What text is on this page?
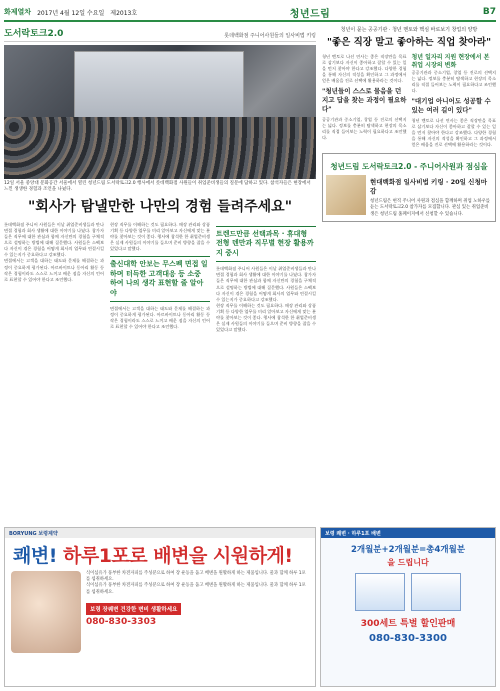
화제열차 2017년 4월 12일 수요일 제2013호	청년드림	B7
도서락토크2.0	롯데백화점 주니어사원들의 일사비법 키링
12일 서울 중앙대 문화공간 서울에서 열린 청년드림 도서락토크2.0 행사에서 롯데백화점 사원들이 취업준비생들의 질문에 답하고 있다. 참석자들은 현장에서 느낀 생생한 경험과 조언을 나눴다.
"회사가 탐낼만한 나만의 경험 들려주세요"

롯데백화점 주니어 사원들은 이날 취업준비생들과 만나 면접 경험과 회사 생활에 대한 이야기를 나눴다. 참가자들은 직무에 대한 관심과 함께 자신만의 경험을 구체적으로 설명하는 방법에 대해 질문했다. 사원들은 스펙보다 자신이 겪은 경험을 어떻게 회사의 업무와 연결시킬 수 있는지가 중요하다고 강조했다.

면접에서는 고객을 대하는 태도와 문제를 해결하는 과정이 중요하게 평가된다. 아르바이트나 동아리 활동 등 작은 경험이라도 스스로 느끼고 배운 점을 자신의 언어로 표현할 수 있어야 한다고 조언했다.

현장 직무를 이해하는 것도 필요하다. 매장 관리와 상품 기획 등 다양한 업무를 미리 알아보고 자신에게 맞는 분야를 찾아보는 것이 좋다. 행사에 참석한 한 취업준비생은 실제 사원들의 이야기를 들으며 준비 방향을 잡을 수 있었다고 말했다.

출신대학 안보는 무스펙 면접 일하며 터득한 고객대응 등 소중 하여 나의 생각 표현할 줄 알아야

면접에서는 고객을 대하는 태도와 문제를 해결하는 과정이 중요하게 평가된다. 아르바이트나 동아리 활동 등 작은 경험이라도 스스로 느끼고 배운 점을 자신의 언어로 표현할 수 있어야 한다고 조언했다.

트렌드만큼 선택과목 · 휴대형 전형 덴만과 직무별 현장 활용까지 중시

롯데백화점 주니어 사원들은 이날 취업준비생들과 만나 면접 경험과 회사 생활에 대한 이야기를 나눴다. 참가자들은 직무에 대한 관심과 함께 자신만의 경험을 구체적으로 설명하는 방법에 대해 질문했다. 사원들은 스펙보다 자신이 겪은 경험을 어떻게 회사의 업무와 연결시킬 수 있는지가 중요하다고 강조했다.

현장 직무를 이해하는 것도 필요하다. 매장 관리와 상품 기획 등 다양한 업무를 미리 알아보고 자신에게 맞는 분야를 찾아보는 것이 좋다. 행사에 참석한 한 취업준비생은 실제 사원들의 이야기를 들으며 준비 방향을 잡을 수 있었다고 말했다.

청년이 묻는 공공기관 · 청년 멘토와 핵심 바로보기 창업의 양방
"좋은 직장 말고 좋아하는 직업 찾아라"

청년 멘토로 나선 연사는 좋은 직장만을 목표로 삼기보다 자신이 좋아하고 잘할 수 있는 일을 먼저 찾아야 한다고 강조했다. 다양한 경험을 통해 자신의 적성을 확인하고 그 과정에서 얻은 배움을 진로 선택에 활용하라는 것이다.

"청년들이 스스로 물음을 던지고 답을 찾는 과정이 필요하다"

공공기관과 중소기업, 창업 등 진로의 선택지는 넓다. 정보를 충분히 탐색하고 현장의 목소리를 직접 들어보는 노력이 필요하다고 조언했다.

청년 일자리 지원 현장에서 본 취업 시장의 변화

공공기관과 중소기업, 창업 등 진로의 선택지는 넓다. 정보를 충분히 탐색하고 현장의 목소리를 직접 들어보는 노력이 필요하다고 조언했다.

"대기업 아니어도 성공할 수 있는 여러 길이 있다"

청년 멘토로 나선 연사는 좋은 직장만을 목표로 삼기보다 자신이 좋아하고 잘할 수 있는 일을 먼저 찾아야 한다고 강조했다. 다양한 경험을 통해 자신의 적성을 확인하고 그 과정에서 얻은 배움을 진로 선택에 활용하라는 것이다.

청년드림 도서락토크2.0 - 주니어사원과 점심을
현대백화점 일사비법 키링 · 20일 신청마감

청년드림은 현직 주니어 사원과 점심을 함께하며 취업 노하우를 듣는 도서락토크2.0 참가자를 모집합니다. 관심 있는 취업준비생은 청년드림 홈페이지에서 신청할 수 있습니다.

BORYUNG 보령제약
쾌변! 하루1포로 배변을 시원하게!

식이섬유가 풍부한 차전자피를 주성분으로 하여 장 운동을 돕고 배변을 원활하게 하는 제품입니다. 물과 함께 하루 1포를 섭취하세요.

식이섬유가 풍부한 차전자피를 주성분으로 하여 장 운동을 돕고 배변을 원활하게 하는 제품입니다. 물과 함께 하루 1포를 섭취하세요.

보령 장퀘변 건강한 변비 생활하세요
080-830-3303
보령 쾌변 · 하루1포 배변
2개월분+2개월분=총4개월분
을 드립니다
300세트 특별 할인판매
080-830-3300
